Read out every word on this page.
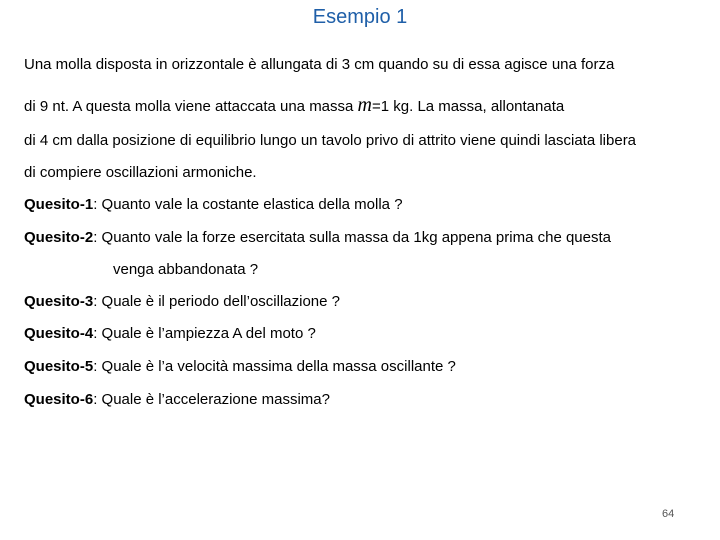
Esempio 1
Una molla disposta in orizzontale è allungata di 3 cm quando su di essa agisce una forza
di 9 nt. A questa molla viene attaccata una massa m=1 kg. La massa, allontanata
di 4 cm dalla posizione di equilibrio lungo un tavolo privo di attrito viene quindi lasciata libera
di compiere oscillazioni armoniche.
Quesito-1: Quanto vale la costante elastica della molla ?
Quesito-2: Quanto vale la forze esercitata sulla massa da 1kg appena prima che questa
venga abbandonata ?
Quesito-3: Quale è il periodo dell’oscillazione ?
Quesito-4: Quale è l’ampiezza A del moto ?
Quesito-5: Quale è l’a velocità massima della massa oscillante ?
Quesito-6: Quale è l’accelerazione massima?
64
